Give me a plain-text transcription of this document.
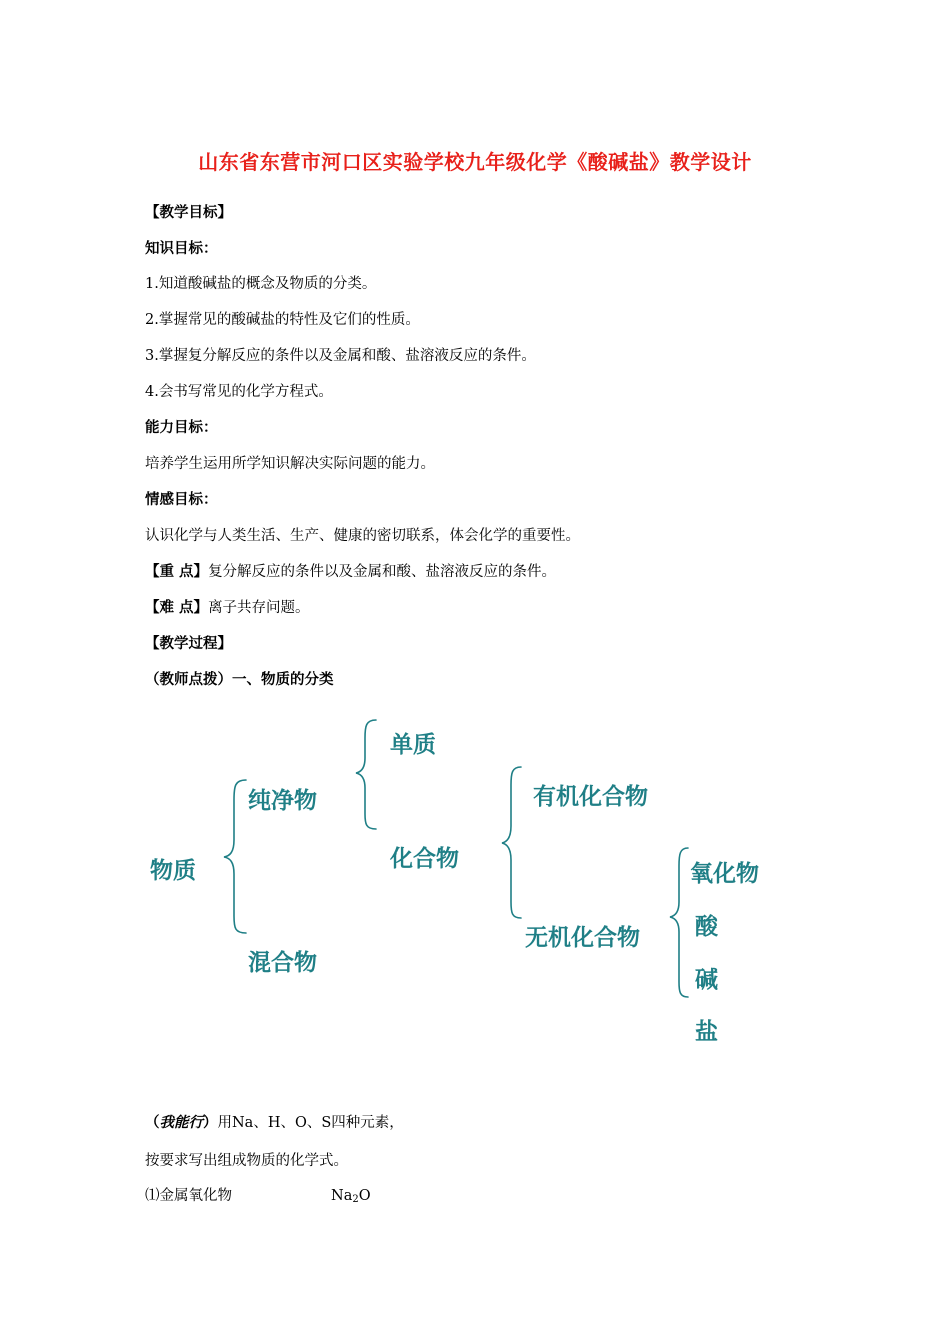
山东省东营市河口区实验学校九年级化学《酸碱盐》教学设计
【教学目标】
知识目标：
1.知道酸碱盐的概念及物质的分类。
2.掌握常见的酸碱盐的特性及它们的性质。
3.掌握复分解反应的条件以及金属和酸、盐溶液反应的条件。
4.会书写常见的化学方程式。
能力目标：
培养学生运用所学知识解决实际问题的能力。
情感目标：
认识化学与人类生活、生产、健康的密切联系，体会化学的重要性。
【重 点】复分解反应的条件以及金属和酸、盐溶液反应的条件。
【难 点】离子共存问题。
【教学过程】
（教师点拨）一、物质的分类
物质
纯净物
混合物
单质
化合物
有机化合物
无机化合物
氧化物
酸
碱
盐
（我能行）用Na、H、O、S四种元素，
按要求写出组成物质的化学式。
⑴金属氧化物	$Na_2O$
